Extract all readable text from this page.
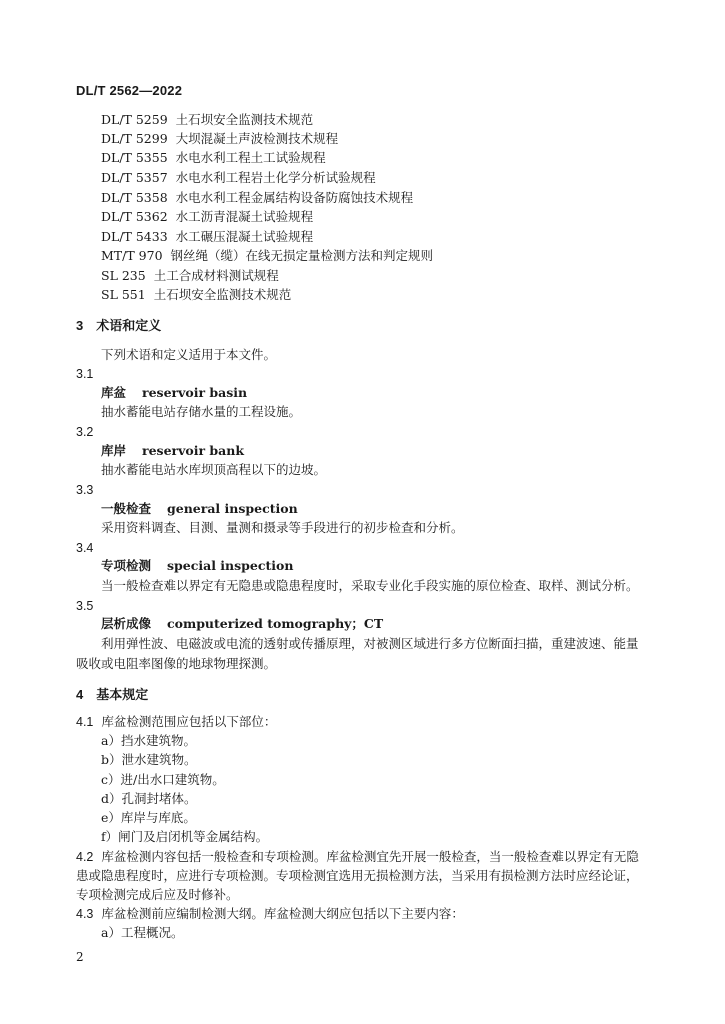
DL/T 2562—2022
DL/T 5259 土石坝安全监测技术规范
DL/T 5299 大坝混凝土声波检测技术规程
DL/T 5355 水电水利工程土工试验规程
DL/T 5357 水电水利工程岩土化学分析试验规程
DL/T 5358 水电水利工程金属结构设备防腐蚀技术规程
DL/T 5362 水工沥青混凝土试验规程
DL/T 5433 水工碾压混凝土试验规程
MT/T 970 钢丝绳（缆）在线无损定量检测方法和判定规则
SL 235 土工合成材料测试规程
SL 551 土石坝安全监测技术规范
3　术语和定义
下列术语和定义适用于本文件。
3.1
库盆 reservoir basin
抽水蓄能电站存储水量的工程设施。
3.2
库岸 reservoir bank
抽水蓄能电站水库坝顶高程以下的边坡。
3.3
一般检查 general inspection
采用资料调查、目测、量测和摄录等手段进行的初步检查和分析。
3.4
专项检测 special inspection
当一般检查难以界定有无隐患或隐患程度时，采取专业化手段实施的原位检查、取样、测试分析。
3.5
层析成像 computerized tomography；CT
利用弹性波、电磁波或电流的透射或传播原理，对被测区域进行多方位断面扫描，重建波速、能量
吸收或电阻率图像的地球物理探测。
4　基本规定
4.1 库盆检测范围应包括以下部位：
a）挡水建筑物。
b）泄水建筑物。
c）进/出水口建筑物。
d）孔洞封堵体。
e）库岸与库底。
f）闸门及启闭机等金属结构。
4.2 库盆检测内容包括一般检查和专项检测。库盆检测宜先开展一般检查，当一般检查难以界定有无隐
患或隐患程度时，应进行专项检测。专项检测宜选用无损检测方法，当采用有损检测方法时应经论证，
专项检测完成后应及时修补。
4.3 库盆检测前应编制检测大纲。库盆检测大纲应包括以下主要内容：
a）工程概况。
2
